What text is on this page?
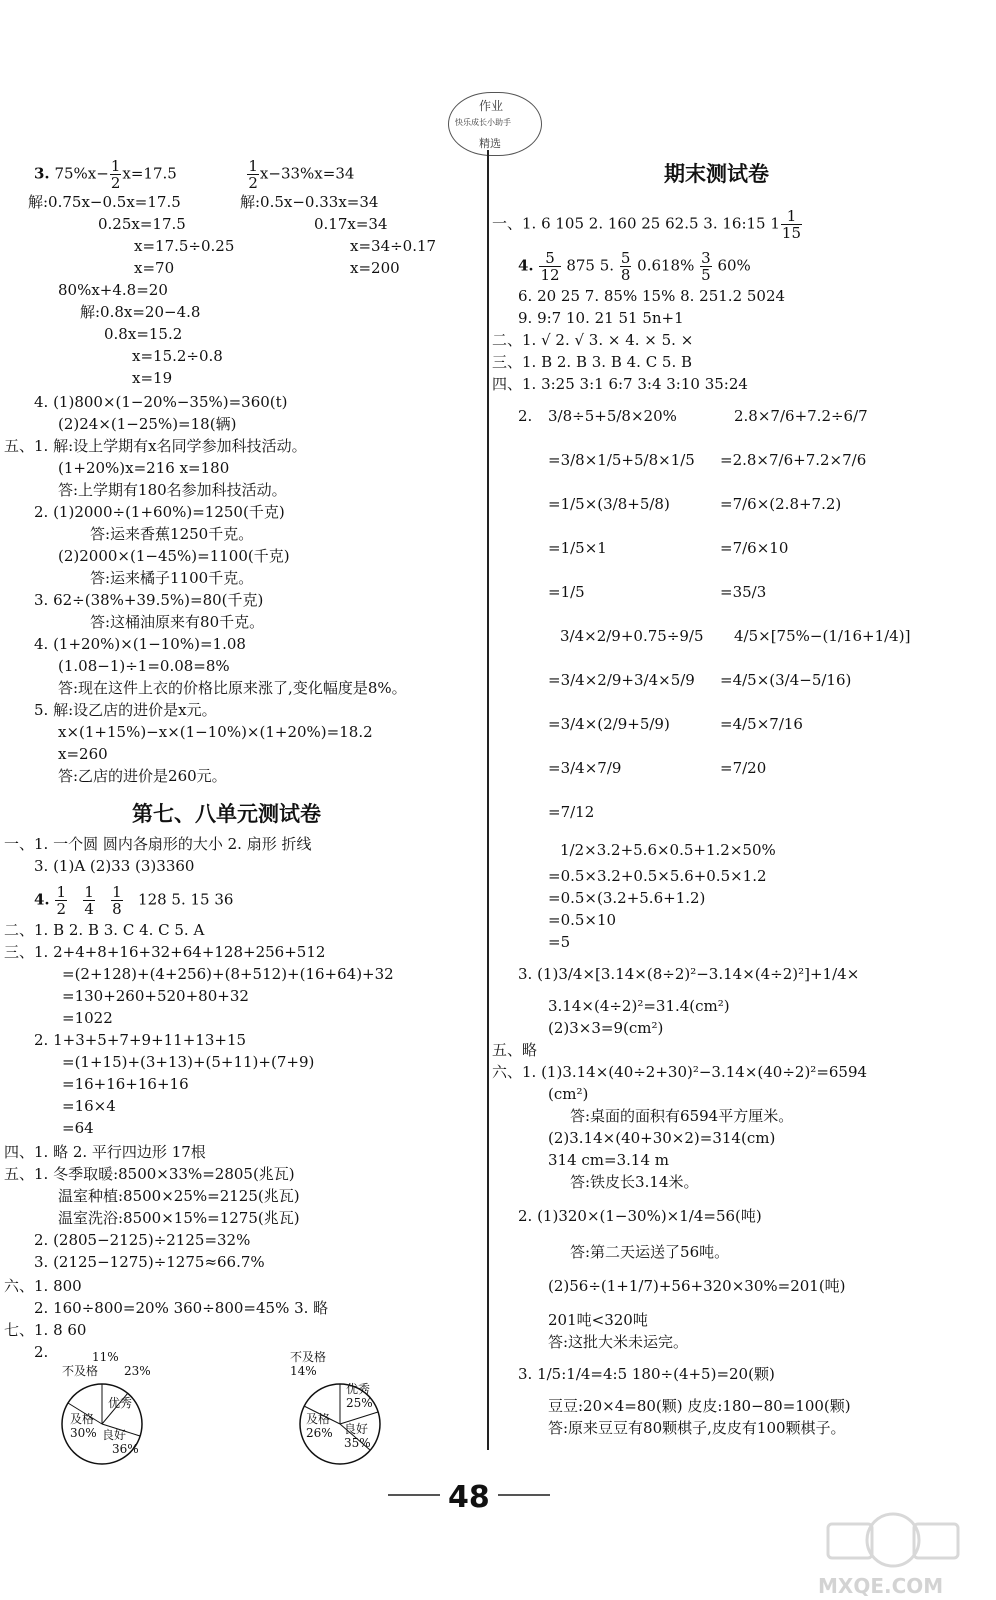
作业
快乐成长小助手
精选
3. $75\%x- \frac{1}{2} x=17.5$	$\frac{1}{2} x-33\%x=34$
解:0.75x−0.5x=17.5
0.25x=17.5
x=17.5÷0.25
x=70
解:0.5x−0.33x=34
0.17x=34
x=34÷0.17
x=200
80%x+4.8=20
解:0.8x=20−4.8
0.8x=15.2
x=15.2÷0.8
x=19
4. (1)800×(1−20%−35%)=360(t)
(2)24×(1−25%)=18(辆)
五、1. 解:设上学期有x名同学参加科技活动。
(1+20%)x=216 x=180
答:上学期有180名参加科技活动。
2. (1)2000÷(1+60%)=1250(千克)
答:运来香蕉1250千克。
(2)2000×(1−45%)=1100(千克)
答:运来橘子1100千克。
3. 62÷(38%+39.5%)=80(千克)
答:这桶油原来有80千克。
4. (1+20%)×(1−10%)=1.08
(1.08−1)÷1=0.08=8%
答:现在这件上衣的价格比原来涨了,变化幅度是8%。
5. 解:设乙店的进价是x元。
x×(1+15%)−x×(1−10%)×(1+20%)=18.2
x=260
答:乙店的进价是260元。
第七、八单元测试卷
一、1. 一个圆 圆内各扇形的大小 2. 扇形 折线
3. (1)A (2)33 (3)3360
4. $\frac{1}{2}$
$\frac{1}{4}$
$\frac{1}{8} 128$ 5. 15 36
二、1. B 2. B 3. C 4. C 5. A
三、1. 2+4+8+16+32+64+128+256+512
=(2+128)+(4+256)+(8+512)+(16+64)+32
=130+260+520+80+32
=1022
2. 1+3+5+7+9+11+13+15
=(1+15)+(3+13)+(5+11)+(7+9)
=16+16+16+16
=16×4
=64
四、1. 略 2. 平行四边形 17根
五、1. 冬季取暖:8500×33%=2805(兆瓦)
温室种植:8500×25%=2125(兆瓦)
温室洗浴:8500×15%=1275(兆瓦)
2. (2805−2125)÷2125=32%
3. (2125−1275)÷1275≈66.7%
六、1. 800
2. 160÷800=20% 360÷800=45% 3. 略
七、1. 8 60
2.	11%
不及格 23%
优秀
及格
30% 良好
36%
不及格
14%
优秀
25%
及格
26% 良好
35%
期末测试卷
一、1. 6 105 2. 160 25 62.5 3. 16:15 $1 \frac{1}{15}$
4. $\frac{5}{12} 875$ 5. $\frac{5}{8} 0.618\% \frac{3}{5} 60\%$
6. 20 25 7. 85% 15% 8. 251.2 5024
9. 9:7 10. 21 51 5n+1
二、1. √ 2. √ 3. × 4. × 5. ×
三、1. B 2. B 3. B 4. C 5. B
四、1. 3:25 3:1 6:7 3:4 3:10 35:24
2. 3/8÷5+5/8×20%
=3/8×1/5+5/8×1/5
=1/5×(3/8+5/8)
=1/5×1
=1/5
2.8×7/6+7.2÷6/7
=2.8×7/6+7.2×7/6
=7/6×(2.8+7.2)
=7/6×10
=35/3
3/4×2/9+0.75÷9/5
=3/4×2/9+3/4×5/9
=3/4×(2/9+5/9)
=3/4×7/9
=7/12
4/5×[75%−(1/16+1/4)]
=4/5×(3/4−5/16)
=4/5×7/16
=7/20
1/2×3.2+5.6×0.5+1.2×50%
=0.5×3.2+0.5×5.6+0.5×1.2
=0.5×(3.2+5.6+1.2)
=0.5×10
=5
3. (1)3/4×[3.14×(8÷2)²−3.14×(4÷2)²]+1/4×
3.14×(4÷2)²=31.4(cm²)
(2)3×3=9(cm²)
五、略
六、1. (1)3.14×(40÷2+30)²−3.14×(40÷2)²=6594
(cm²)
答:桌面的面积有6594平方厘米。
(2)3.14×(40+30×2)=314(cm)
314 cm=3.14 m
答:铁皮长3.14米。
2. (1)320×(1−30%)×1/4=56(吨)
答:第二天运送了56吨。
(2)56÷(1+1/7)+56+320×30%=201(吨)
201吨<320吨
答:这批大米未运完。
3. 1/5:1/4=4:5 180÷(4+5)=20(颗)
豆豆:20×4=80(颗) 皮皮:180−80=100(颗)
答:原来豆豆有80颗棋子,皮皮有100颗棋子。
48
MXQE.COM
